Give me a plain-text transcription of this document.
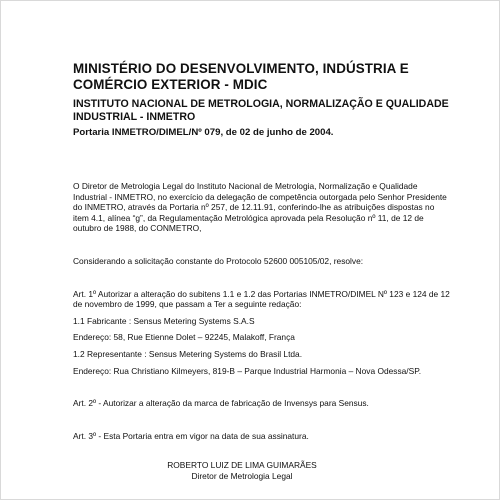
MINISTÉRIO DO DESENVOLVIMENTO, INDÚSTRIA E COMÉRCIO EXTERIOR - MDIC
INSTITUTO NACIONAL DE METROLOGIA, NORMALIZAÇÃO E QUALIDADE INDUSTRIAL - INMETRO

Portaria INMETRO/DIMEL/Nº 079, de 02 de junho de 2004.

O Diretor de Metrologia Legal do Instituto Nacional de Metrologia, Normalização e Qualidade Industrial - INMETRO, no exercício da delegação de competência outorgada pelo Senhor Presidente do INMETRO, através da Portaria nº 257, de 12.11.91, conferindo-lhe as atribuições dispostas no item 4.1, alínea “g”, da Regulamentação Metrológica aprovada pela Resolução nº 11, de 12 de outubro de 1988, do CONMETRO,

Considerando a solicitação constante do Protocolo 52600 005105/02, resolve:

Art. 1º Autorizar a alteração do subitens 1.1 e 1.2 das Portarias INMETRO/DIMEL Nº 123 e 124 de 12 de novembro de 1999, que passam a Ter a seguinte redação:

1.1 Fabricante : Sensus Metering Systems S.A.S

Endereço: 58, Rue Etienne Dolet – 92245, Malakoff, França

1.2 Representante : Sensus Metering Systems do Brasil Ltda.

Endereço: Rua Christiano Kilmeyers, 819-B – Parque Industrial Harmonia – Nova Odessa/SP.

Art. 2º - Autorizar a alteração da marca de fabricação de Invensys para Sensus.

Art. 3º - Esta Portaria entra em vigor na data de sua assinatura.

ROBERTO LUIZ DE LIMA GUIMARÃES
Diretor de Metrologia Legal
